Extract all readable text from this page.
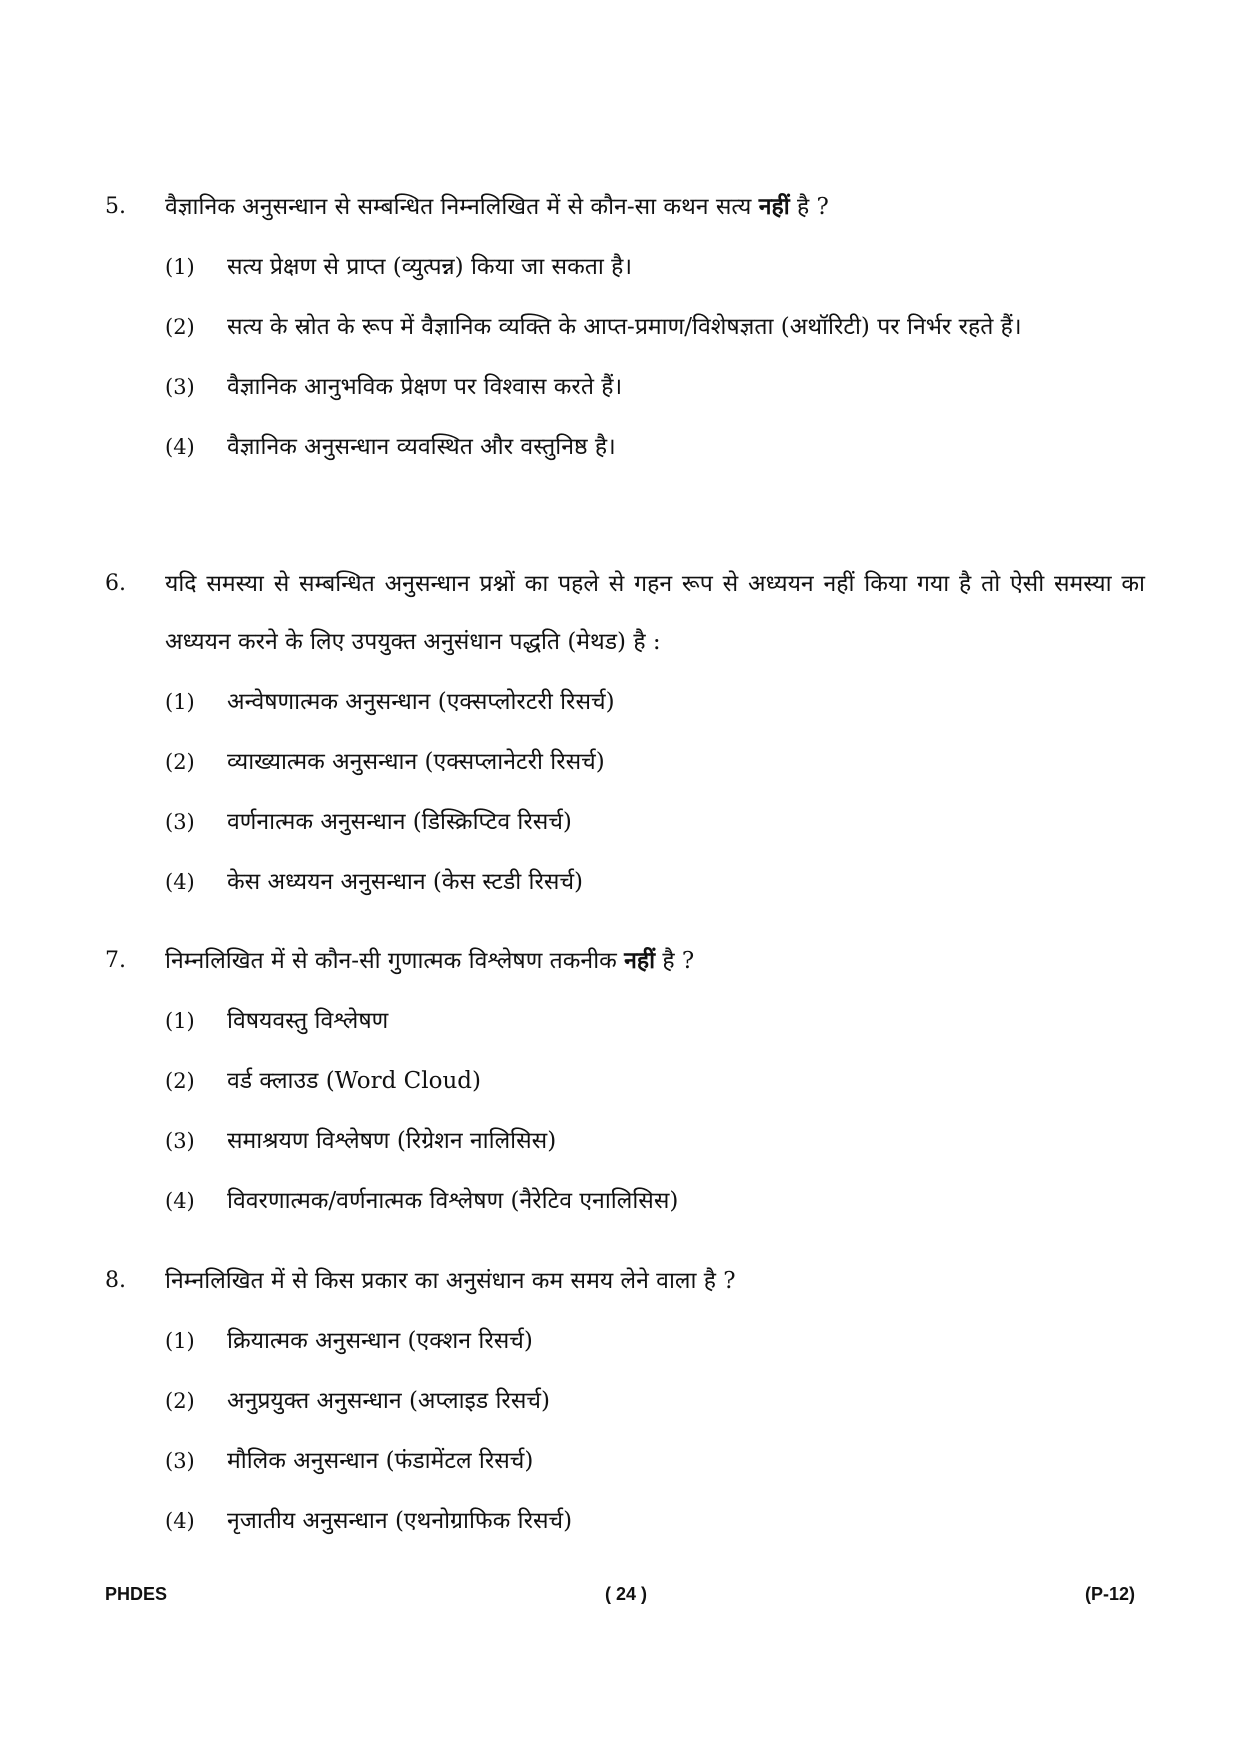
5.	वैज्ञानिक अनुसन्धान से सम्बन्धित निम्नलिखित में से कौन-सा कथन सत्य नहीं है ?
(1)	सत्य प्रेक्षण से प्राप्त (व्युत्पन्न) किया जा सकता है।
(2)	सत्य के स्रोत के रूप में वैज्ञानिक व्यक्ति के आप्त-प्रमाण/विशेषज्ञता (अथॉरिटी) पर निर्भर रहते हैं।
(3)	वैज्ञानिक आनुभविक प्रेक्षण पर विश्वास करते हैं।
(4)	वैज्ञानिक अनुसन्धान व्यवस्थित और वस्तुनिष्ठ है।
6.	यदि समस्या से सम्बन्धित अनुसन्धान प्रश्नों का पहले से गहन रूप से अध्ययन नहीं किया गया है तो ऐसी समस्या का अध्ययन करने के लिए उपयुक्त अनुसंधान पद्धति (मेथड) है :
(1)	अन्वेषणात्मक अनुसन्धान (एक्सप्लोरटरी रिसर्च)
(2)	व्याख्यात्मक अनुसन्धान (एक्सप्लानेटरी रिसर्च)
(3)	वर्णनात्मक अनुसन्धान (डिस्क्रिप्टिव रिसर्च)
(4)	केस अध्ययन अनुसन्धान (केस स्टडी रिसर्च)
7.	निम्नलिखित में से कौन-सी गुणात्मक विश्लेषण तकनीक नहीं है ?
(1)	विषयवस्तु विश्लेषण
(2)	वर्ड क्लाउड (Word Cloud)
(3)	समाश्रयण विश्लेषण (रिग्रेशन नालिसिस)
(4)	विवरणात्मक/वर्णनात्मक विश्लेषण (नैरेटिव एनालिसिस)
8.	निम्नलिखित में से किस प्रकार का अनुसंधान कम समय लेने वाला है ?
(1)	क्रियात्मक अनुसन्धान (एक्शन रिसर्च)
(2)	अनुप्रयुक्त अनुसन्धान (अप्लाइड रिसर्च)
(3)	मौलिक अनुसन्धान (फंडामेंटल रिसर्च)
(4)	नृजातीय अनुसन्धान (एथनोग्राफिक रिसर्च)
PHDES	( 24 )	(P-12)
